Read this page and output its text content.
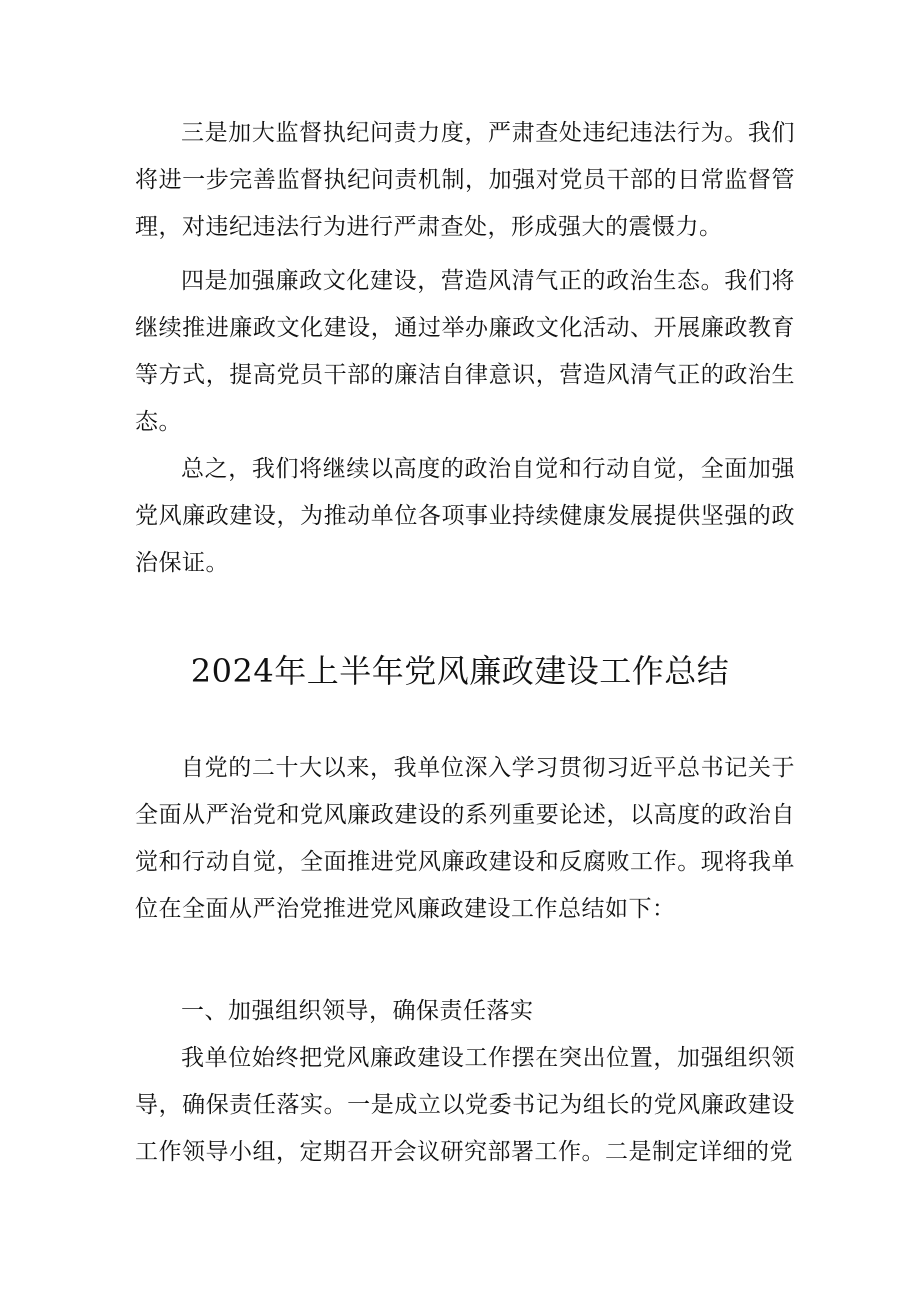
三是加大监督执纪问责力度，严肃查处违纪违法行为。我们将进一步完善监督执纪问责机制，加强对党员干部的日常监督管理，对违纪违法行为进行严肃查处，形成强大的震慑力。

四是加强廉政文化建设，营造风清气正的政治生态。我们将继续推进廉政文化建设，通过举办廉政文化活动、开展廉政教育等方式，提高党员干部的廉洁自律意识，营造风清气正的政治生态。

总之，我们将继续以高度的政治自觉和行动自觉，全面加强党风廉政建设，为推动单位各项事业持续健康发展提供坚强的政治保证。

2024年上半年党风廉政建设工作总结

自党的二十大以来，我单位深入学习贯彻习近平总书记关于全面从严治党和党风廉政建设的系列重要论述，以高度的政治自觉和行动自觉，全面推进党风廉政建设和反腐败工作。现将我单位在全面从严治党推进党风廉政建设工作总结如下：

一、加强组织领导，确保责任落实

我单位始终把党风廉政建设工作摆在突出位置，加强组织领导，确保责任落实。一是成立以党委书记为组长的党风廉政建设工作领导小组，定期召开会议研究部署工作。二是制定详细的党
